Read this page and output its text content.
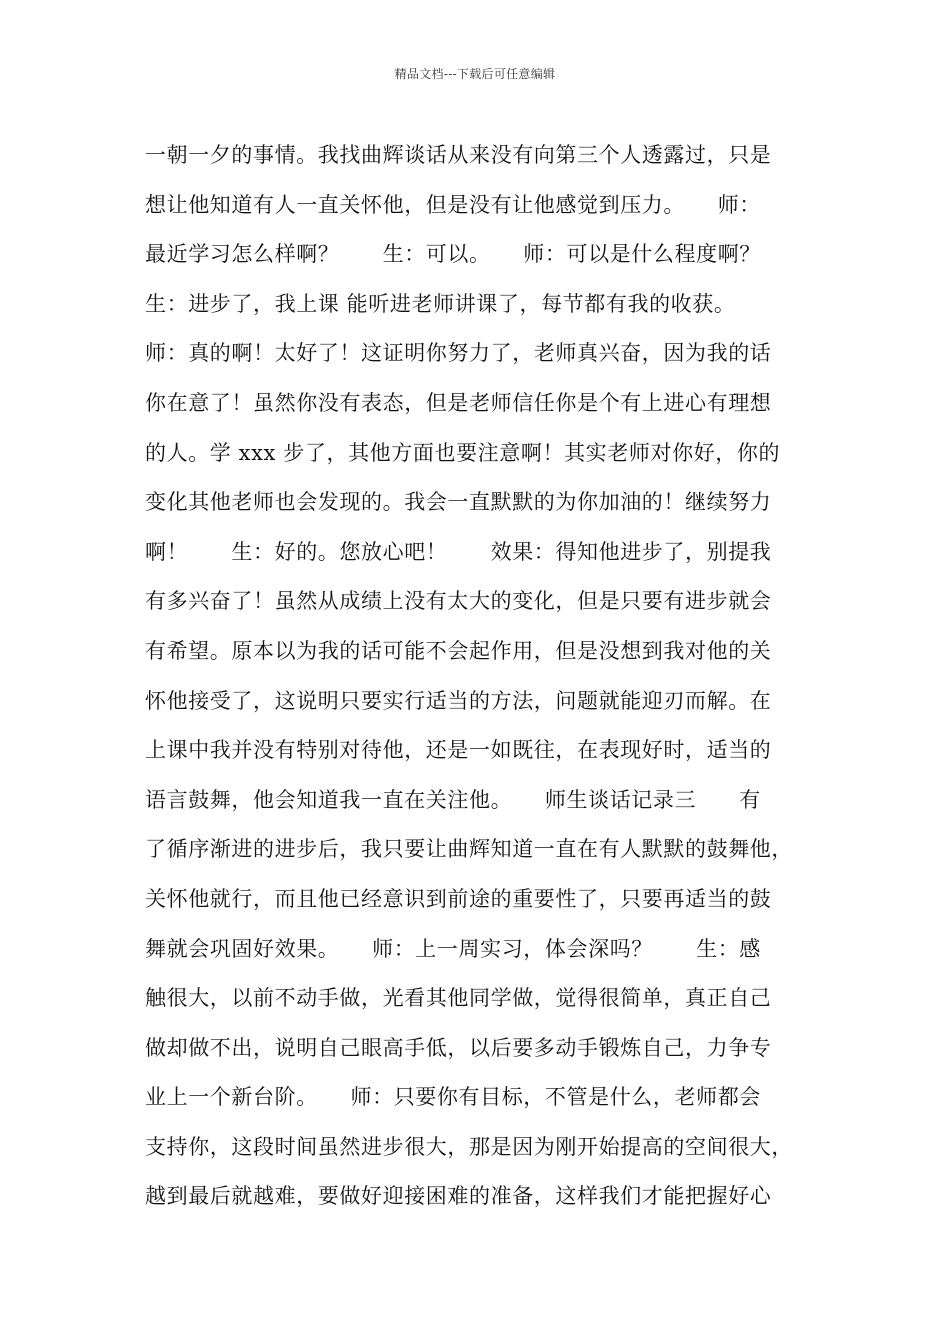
精品文档---下载后可任意编辑
一朝一夕的事情。我找曲辉谈话从来没有向第三个人透露过，只是
想让他知道有人一直关怀他，但是没有让他感觉到压力。　　师：
最近学习怎么样啊？　　生：可以。　　师：可以是什么程度啊？
生：进步了，我上课 能听进老师讲课了，每节都有我的收获。
师：真的啊！太好了！这证明你努力了，老师真兴奋，因为我的话
你在意了！虽然你没有表态，但是老师信任你是个有上进心有理想
的人。学 xxx 步了，其他方面也要注意啊！其实老师对你好，你的
变化其他老师也会发现的。我会一直默默的为你加油的！继续努力
啊！　　生：好的。您放心吧！　　效果：得知他进步了，别提我
有多兴奋了！虽然从成绩上没有太大的变化，但是只要有进步就会
有希望。原本以为我的话可能不会起作用，但是没想到我对他的关
怀他接受了，这说明只要实行适当的方法，问题就能迎刃而解。在
上课中我并没有特别对待他，还是一如既往，在表现好时，适当的
语言鼓舞，他会知道我一直在关注他。　　师生谈话记录三　　有
了循序渐进的进步后，我只要让曲辉知道一直在有人默默的鼓舞他，
关怀他就行，而且他已经意识到前途的重要性了，只要再适当的鼓
舞就会巩固好效果。　　师：上一周实习，体会深吗？　　生：感
触很大，以前不动手做，光看其他同学做，觉得很简单，真正自己
做却做不出，说明自己眼高手低，以后要多动手锻炼自己，力争专
业上一个新台阶。　　师：只要你有目标，不管是什么，老师都会
支持你，这段时间虽然进步很大，那是因为刚开始提高的空间很大，
越到最后就越难，要做好迎接困难的准备，这样我们才能把握好心
